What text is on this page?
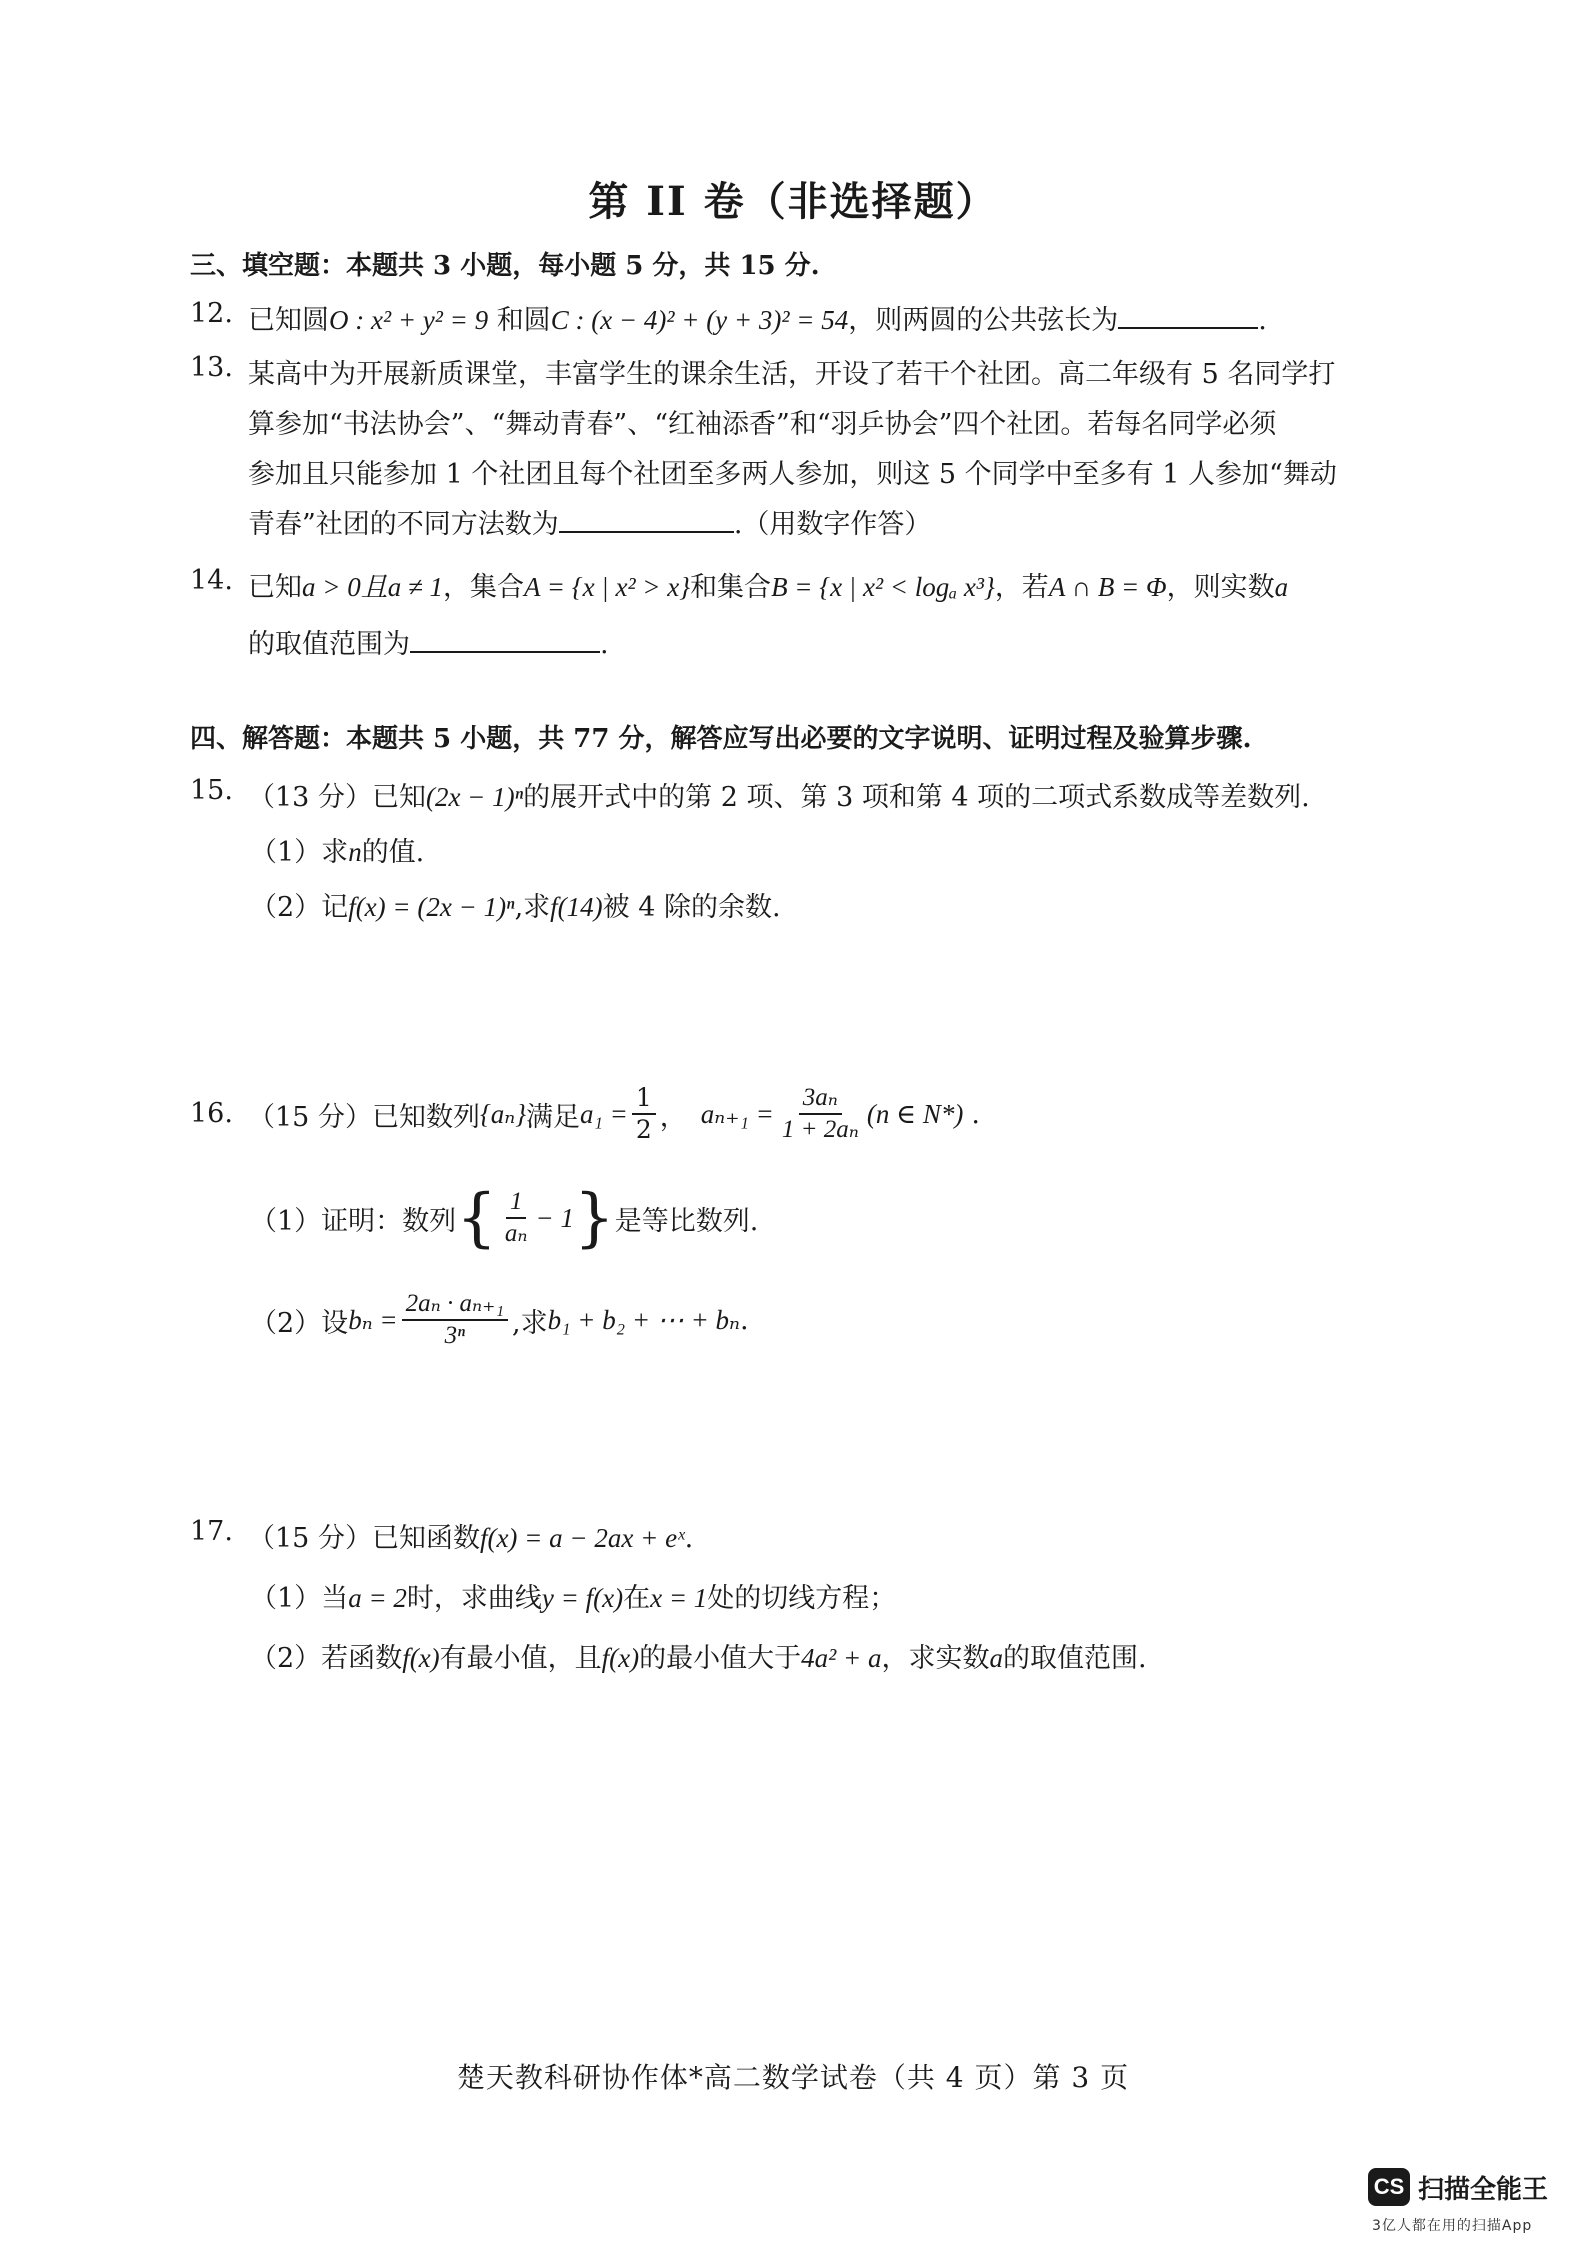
第 II 卷（非选择题）
三、填空题：本题共 3 小题，每小题 5 分，共 15 分.
12. 已知圆O : x² + y² = 9 和圆C : (x − 4)² + (y + 3)² = 54，则两圆的公共弦长为	.
13. 某高中为开展新质课堂，丰富学生的课余生活，开设了若干个社团。高二年级有 5 名同学打
算参加“书法协会”、“舞动青春”、“红袖添香”和“羽乒协会”四个社团。若每名同学必须
参加且只能参加 1 个社团且每个社团至多两人参加，则这 5 个同学中至多有 1 人参加“舞动
青春”社团的不同方法数为	.（用数字作答）
14. 已知a > 0且a ≠ 1，集合A = {x | x² > x}和集合B = {x | x² < logₐ x³}，若A ∩ B = Φ，则实数a
的取值范围为	.
四、解答题：本题共 5 小题，共 77 分，解答应写出必要的文字说明、证明过程及验算步骤.
15. （13 分）已知(2x − 1)ⁿ的展开式中的第 2 项、第 3 项和第 4 项的二项式系数成等差数列.
（1）求n的值.
（2）记f(x) = (2x − 1)ⁿ,求f(14)被 4 除的余数.
16. （15 分）已知数列 {aₙ} 满足 $a_1 = \frac{1}{2}$ ， $a_{n+1} = \frac{\text{3aₙ}}{\text{1 + 2aₙ}} (n$ ∈ N*) .
（1）证明：数列 { $\frac{1}{\text{aₙ}} - 1$ } 是等比数列.
（2）设 $b_n = \frac{\text{2aₙ · aₙ₊₁}}{\text{3ⁿ}}$ ,求 b₁ + b₂ + ⋯ + bₙ .
17. （15 分）已知函数f(x) = a − 2ax + eˣ.
（1）当a = 2时，求曲线y = f(x)在x = 1处的切线方程；
（2）若函数f(x)有最小值，且f(x)的最小值大于4a² + a，求实数a的取值范围.
楚天教科研协作体*高二数学试卷（共 4 页）第 3 页
CS 扫描全能王
3亿人都在用的扫描App
